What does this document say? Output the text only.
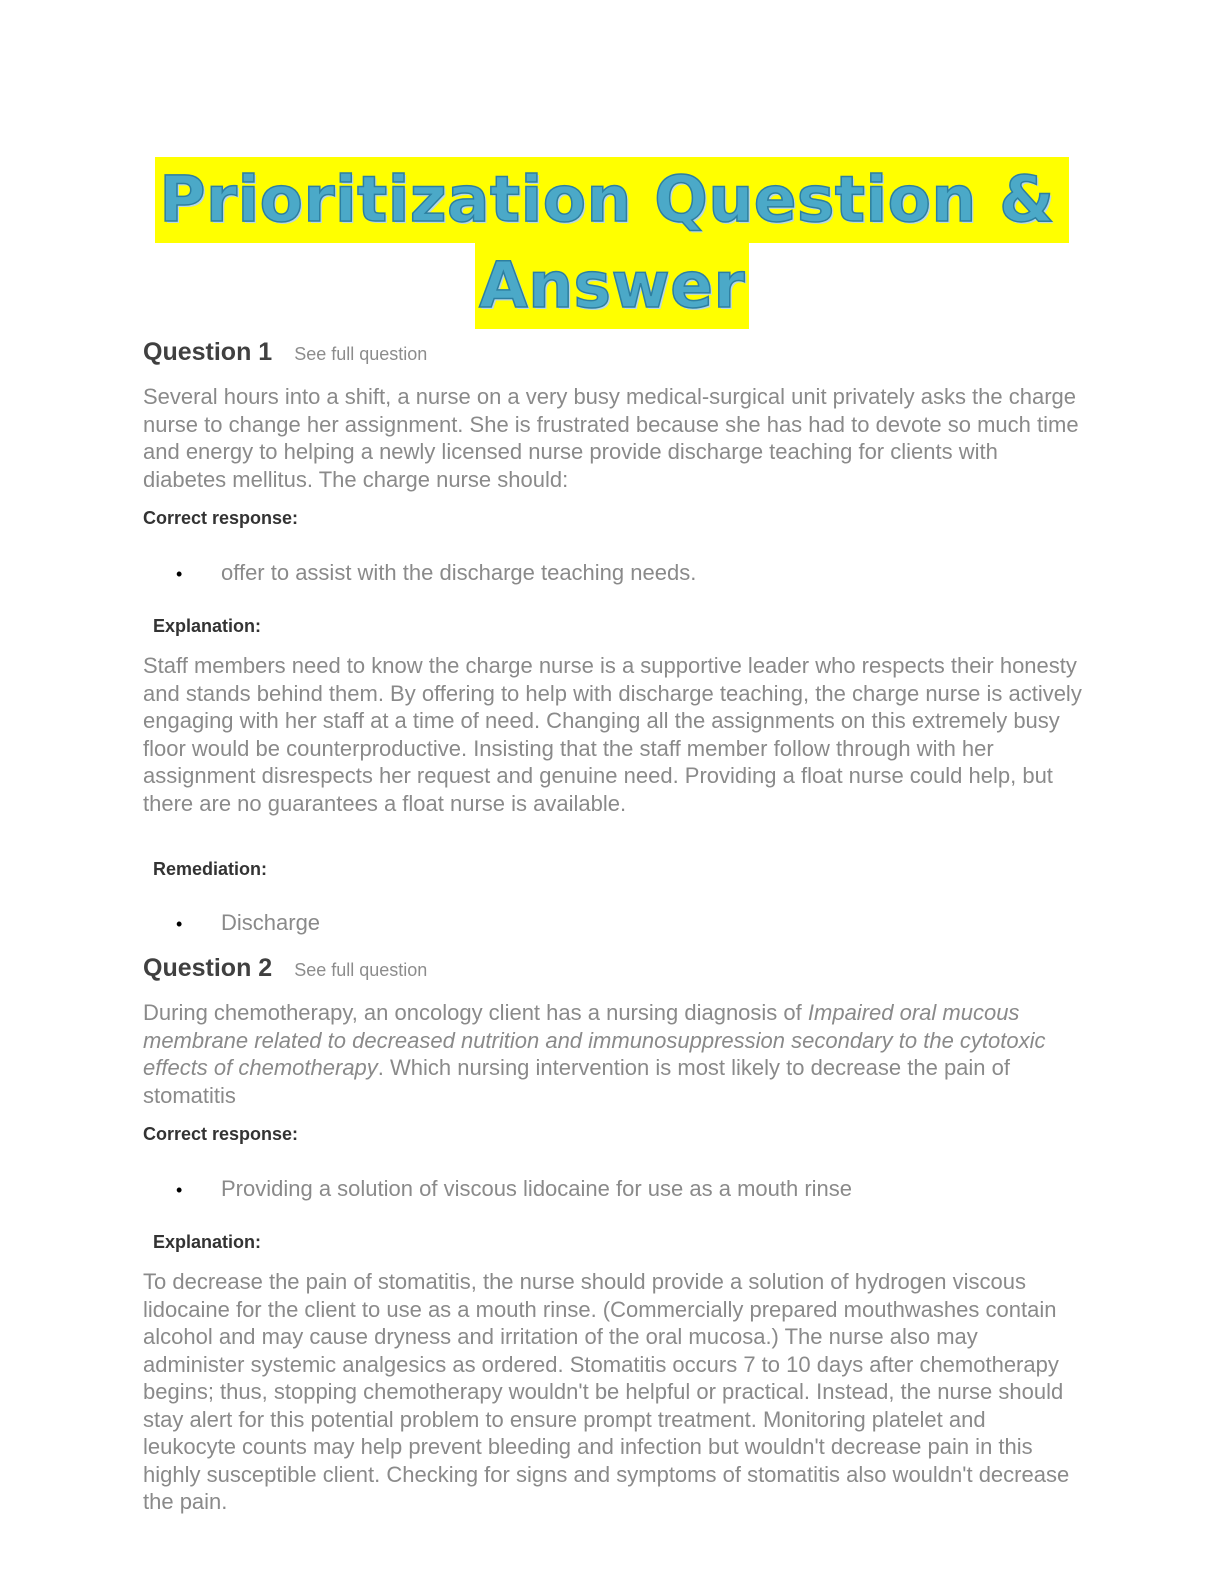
Prioritization Question &
Answer
Question 1 See full question

Several hours into a shift, a nurse on a very busy medical-surgical unit privately asks the charge nurse to change her assignment. She is frustrated because she has had to devote so much time and energy to helping a newly licensed nurse provide discharge teaching for clients with diabetes mellitus. The charge nurse should:

Correct response:
•	offer to assist with the discharge teaching needs.
Explanation:

Staff members need to know the charge nurse is a supportive leader who respects their honesty and stands behind them. By offering to help with discharge teaching, the charge nurse is actively engaging with her staff at a time of need. Changing all the assignments on this extremely busy floor would be counterproductive. Insisting that the staff member follow through with her assignment disrespects her request and genuine need. Providing a float nurse could help, but there are no guarantees a float nurse is available.

Remediation:
•	Discharge
Question 2 See full question

During chemotherapy, an oncology client has a nursing diagnosis of Impaired oral mucous membrane related to decreased nutrition and immunosuppression secondary to the cytotoxic effects of chemotherapy. Which nursing intervention is most likely to decrease the pain of stomatitis

Correct response:
•	Providing a solution of viscous lidocaine for use as a mouth rinse
Explanation:

To decrease the pain of stomatitis, the nurse should provide a solution of hydrogen viscous lidocaine for the client to use as a mouth rinse. (Commercially prepared mouthwashes contain alcohol and may cause dryness and irritation of the oral mucosa.) The nurse also may administer systemic analgesics as ordered. Stomatitis occurs 7 to 10 days after chemotherapy begins; thus, stopping chemotherapy wouldn't be helpful or practical. Instead, the nurse should stay alert for this potential problem to ensure prompt treatment. Monitoring platelet and leukocyte counts may help prevent bleeding and infection but wouldn't decrease pain in this highly susceptible client. Checking for signs and symptoms of stomatitis also wouldn't decrease the pain.
